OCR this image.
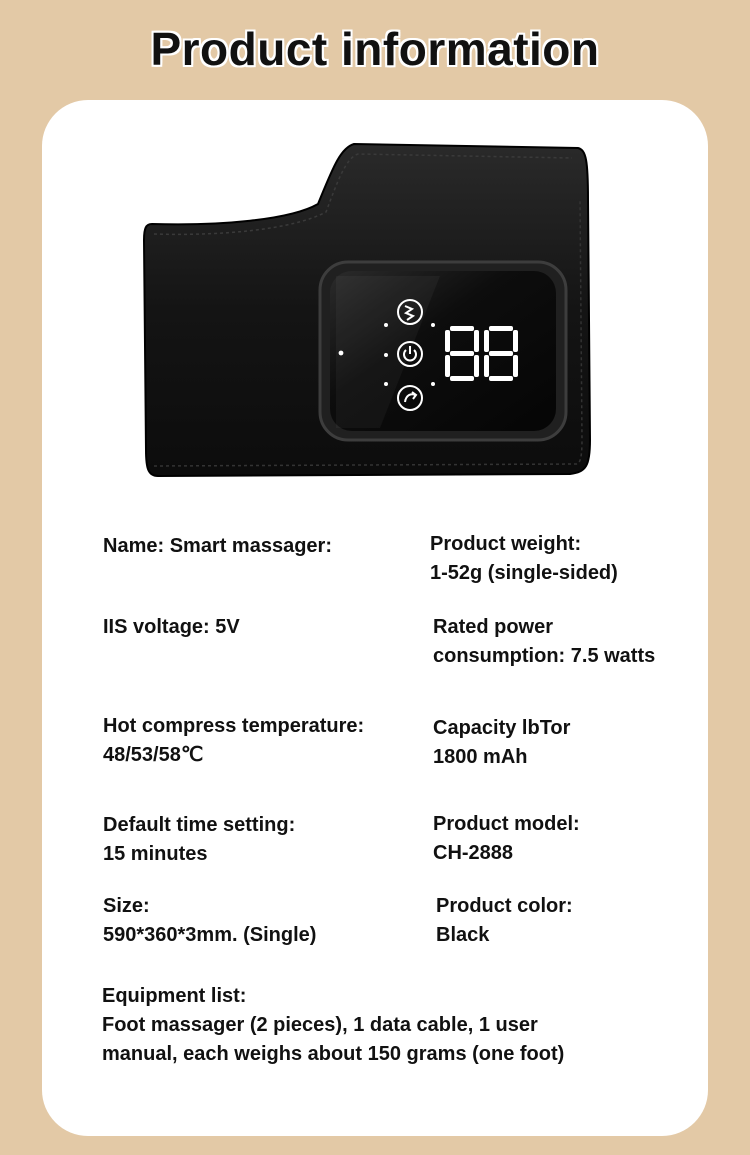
Product information
Name: Smart massager:	Product weight:
1-52g (single-sided)
IIS voltage: 5V	Rated power
consumption: 7.5 watts
Hot compress temperature:
48/53/58℃
Capacity lbTor
1800 mAh
Default time setting:
15 minutes
Product model:
CH-2888
Size:
590*360*3mm. (Single)
Product color:
Black
Equipment list:
Foot massager (2 pieces), 1 data cable, 1 user
manual, each weighs about 150 grams (one foot)
